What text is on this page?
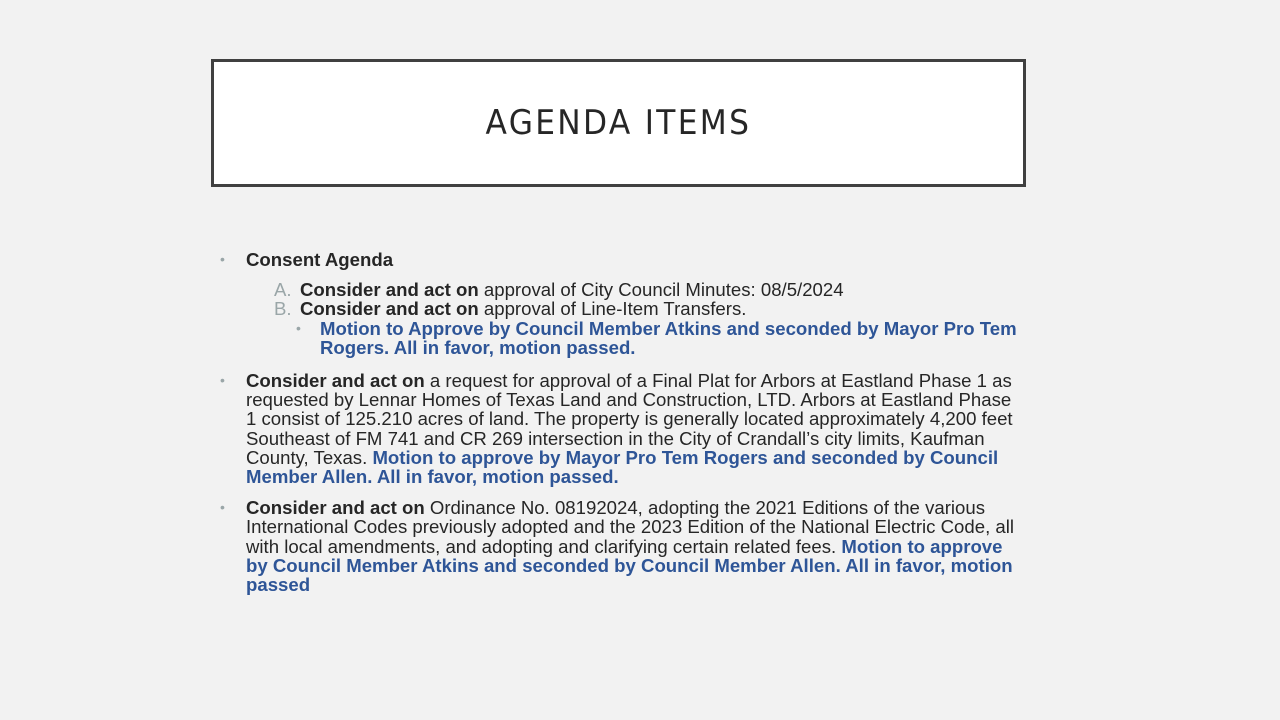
AGENDA ITEMS
• Consent Agenda
A. Consider and act on approval of City Council Minutes: 08/5/2024
B. Consider and act on approval of Line-Item Transfers.
• Motion to Approve by Council Member Atkins and seconded by Mayor Pro Tem Rogers. All in favor, motion passed.
• Consider and act on a request for approval of a Final Plat for Arbors at Eastland Phase 1 as requested by Lennar Homes of Texas Land and Construction, LTD. Arbors at Eastland Phase 1 consist of 125.210 acres of land. The property is generally located approximately 4,200 feet Southeast of FM 741 and CR 269 intersection in the City of Crandall’s city limits, Kaufman County, Texas. Motion to approve by Mayor Pro Tem Rogers and seconded by Council Member Allen. All in favor, motion passed.
• Consider and act on Ordinance No. 08192024, adopting the 2021 Editions of the various International Codes previously adopted and the 2023 Edition of the National Electric Code, all with local amendments, and adopting and clarifying certain related fees. Motion to approve by Council Member Atkins and seconded by Council Member Allen. All in favor, motion passed
